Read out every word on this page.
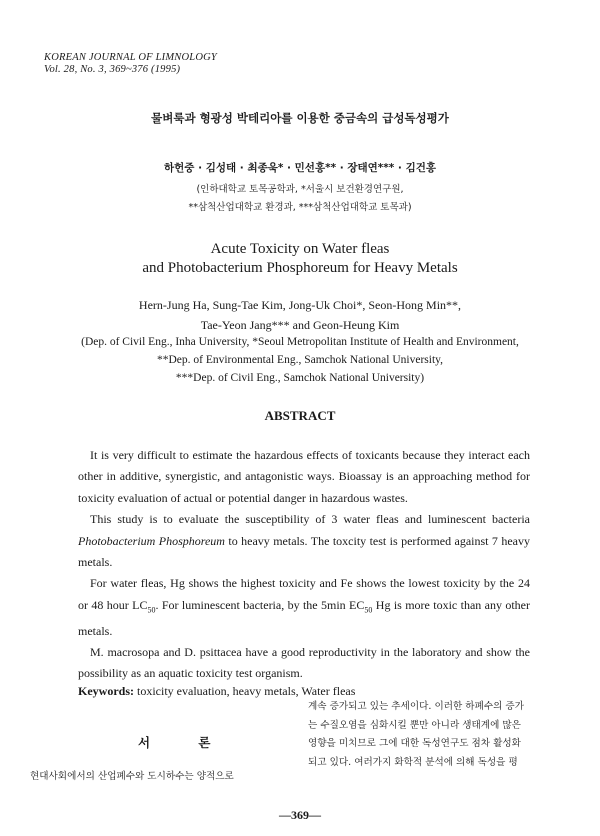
KOREAN JOURNAL OF LIMNOLOGY
Vol. 28, No. 3, 369~376 (1995)
물벼룩과 형광성 박테리아를 이용한 중금속의 급성독성평가
하헌중 · 김성태 · 최종욱* · 민선홍** · 장태연*** · 김건홍
(인하대학교 토목공학과, *서울시 보건환경연구원,
**삼척산업대학교 환경과, ***삼척산업대학교 토목과)
Acute Toxicity on Water fleas
and Photobacterium Phosphoreum for Heavy Metals
Hern-Jung Ha, Sung-Tae Kim, Jong-Uk Choi*, Seon-Hong Min**,
Tae-Yeon Jang*** and Geon-Heung Kim
(Dep. of Civil Eng., Inha University, *Seoul Metropolitan Institute of Health and Environment,
**Dep. of Environmental Eng., Samchok National University,
***Dep. of Civil Eng., Samchok National University)
ABSTRACT

It is very difficult to estimate the hazardous effects of toxicants because they interact each other in additive, synergistic, and antagonistic ways. Bioassay is an approaching method for toxicity evaluation of actual or potential danger in hazardous wastes.

This study is to evaluate the susceptibility of 3 water fleas and luminescent bacteria Photobacterium Phosphoreum to heavy metals. The toxcity test is performed against 7 heavy metals.

For water fleas, Hg shows the highest toxicity and Fe shows the lowest toxicity by the 24 or 48 hour $LC_{50}$. For luminescent bacteria, by the 5min $EC_{50}$ Hg is more toxic than any other metals.

M. macrosopa and D. psittacea have a good reproductivity in the laboratory and show the possibility as an aquatic toxicity test organism.

Keywords: toxicity evaluation, heavy metals, Water fleas
서 론
현대사회에서의 산업폐수와 도시하수는 양적으로
계속 증가되고 있는 추세이다. 이러한 하폐수의 증가
는 수질오염을 심화시킬 뿐만 아니라 생태계에 많은
영향을 미치므로 그에 대한 독성연구도 점차 활성화
되고 있다. 여러가지 화학적 분석에 의해 독성을 평
—369—
